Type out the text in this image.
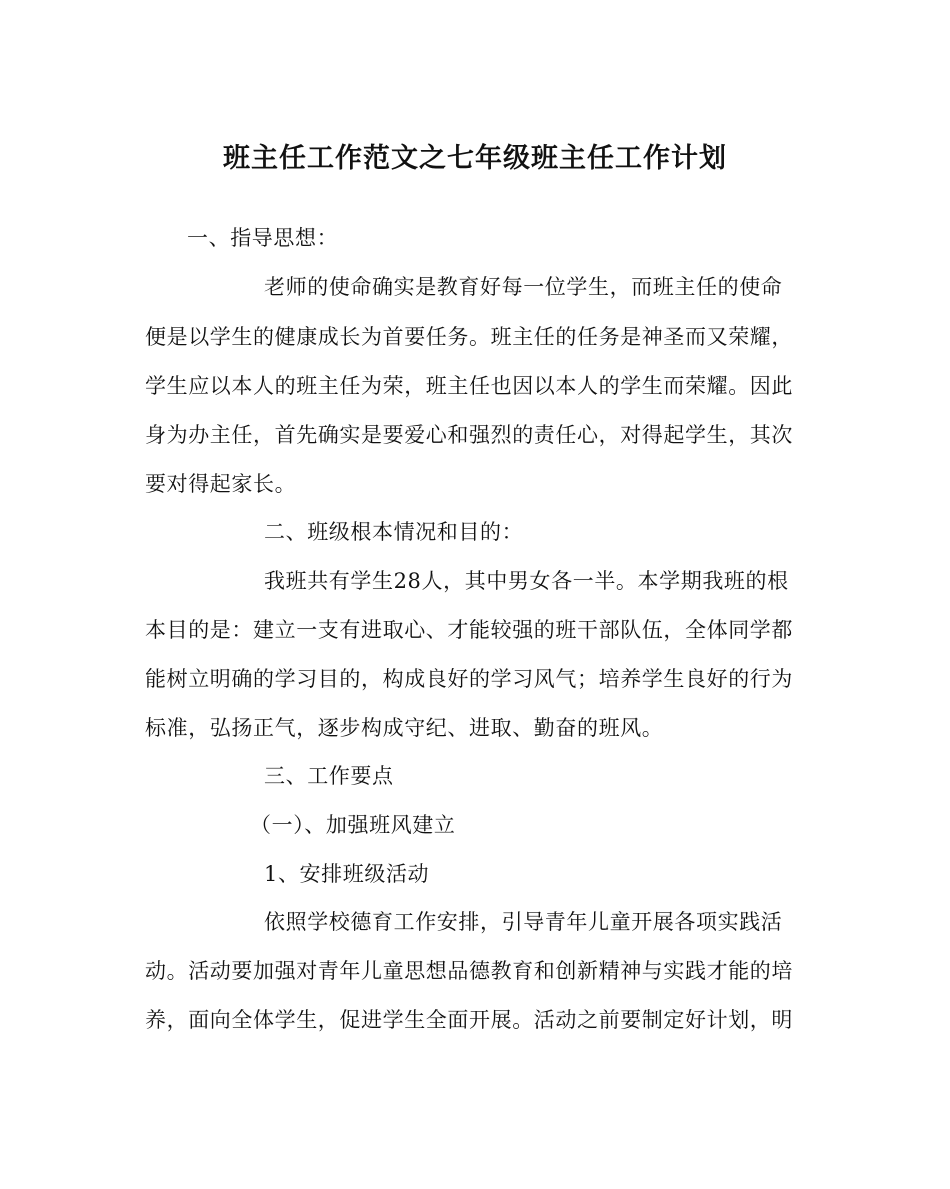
班主任工作范文之七年级班主任工作计划
一、指导思想：
老师的使命确实是教育好每一位学生，而班主任的使命
便是以学生的健康成长为首要任务。班主任的任务是神圣而又荣耀，
学生应以本人的班主任为荣，班主任也因以本人的学生而荣耀。因此
身为办主任，首先确实是要爱心和强烈的责任心，对得起学生，其次
要对得起家长。
二、班级根本情况和目的：
我班共有学生28人，其中男女各一半。本学期我班的根
本目的是：建立一支有进取心、才能较强的班干部队伍，全体同学都
能树立明确的学习目的，构成良好的学习风气；培养学生良好的行为
标准，弘扬正气，逐步构成守纪、进取、勤奋的班风。
三、工作要点
（一）、加强班风建立
1、安排班级活动
依照学校德育工作安排，引导青年儿童开展各项实践活
动。活动要加强对青年儿童思想品德教育和创新精神与实践才能的培
养，面向全体学生，促进学生全面开展。活动之前要制定好计划，明
